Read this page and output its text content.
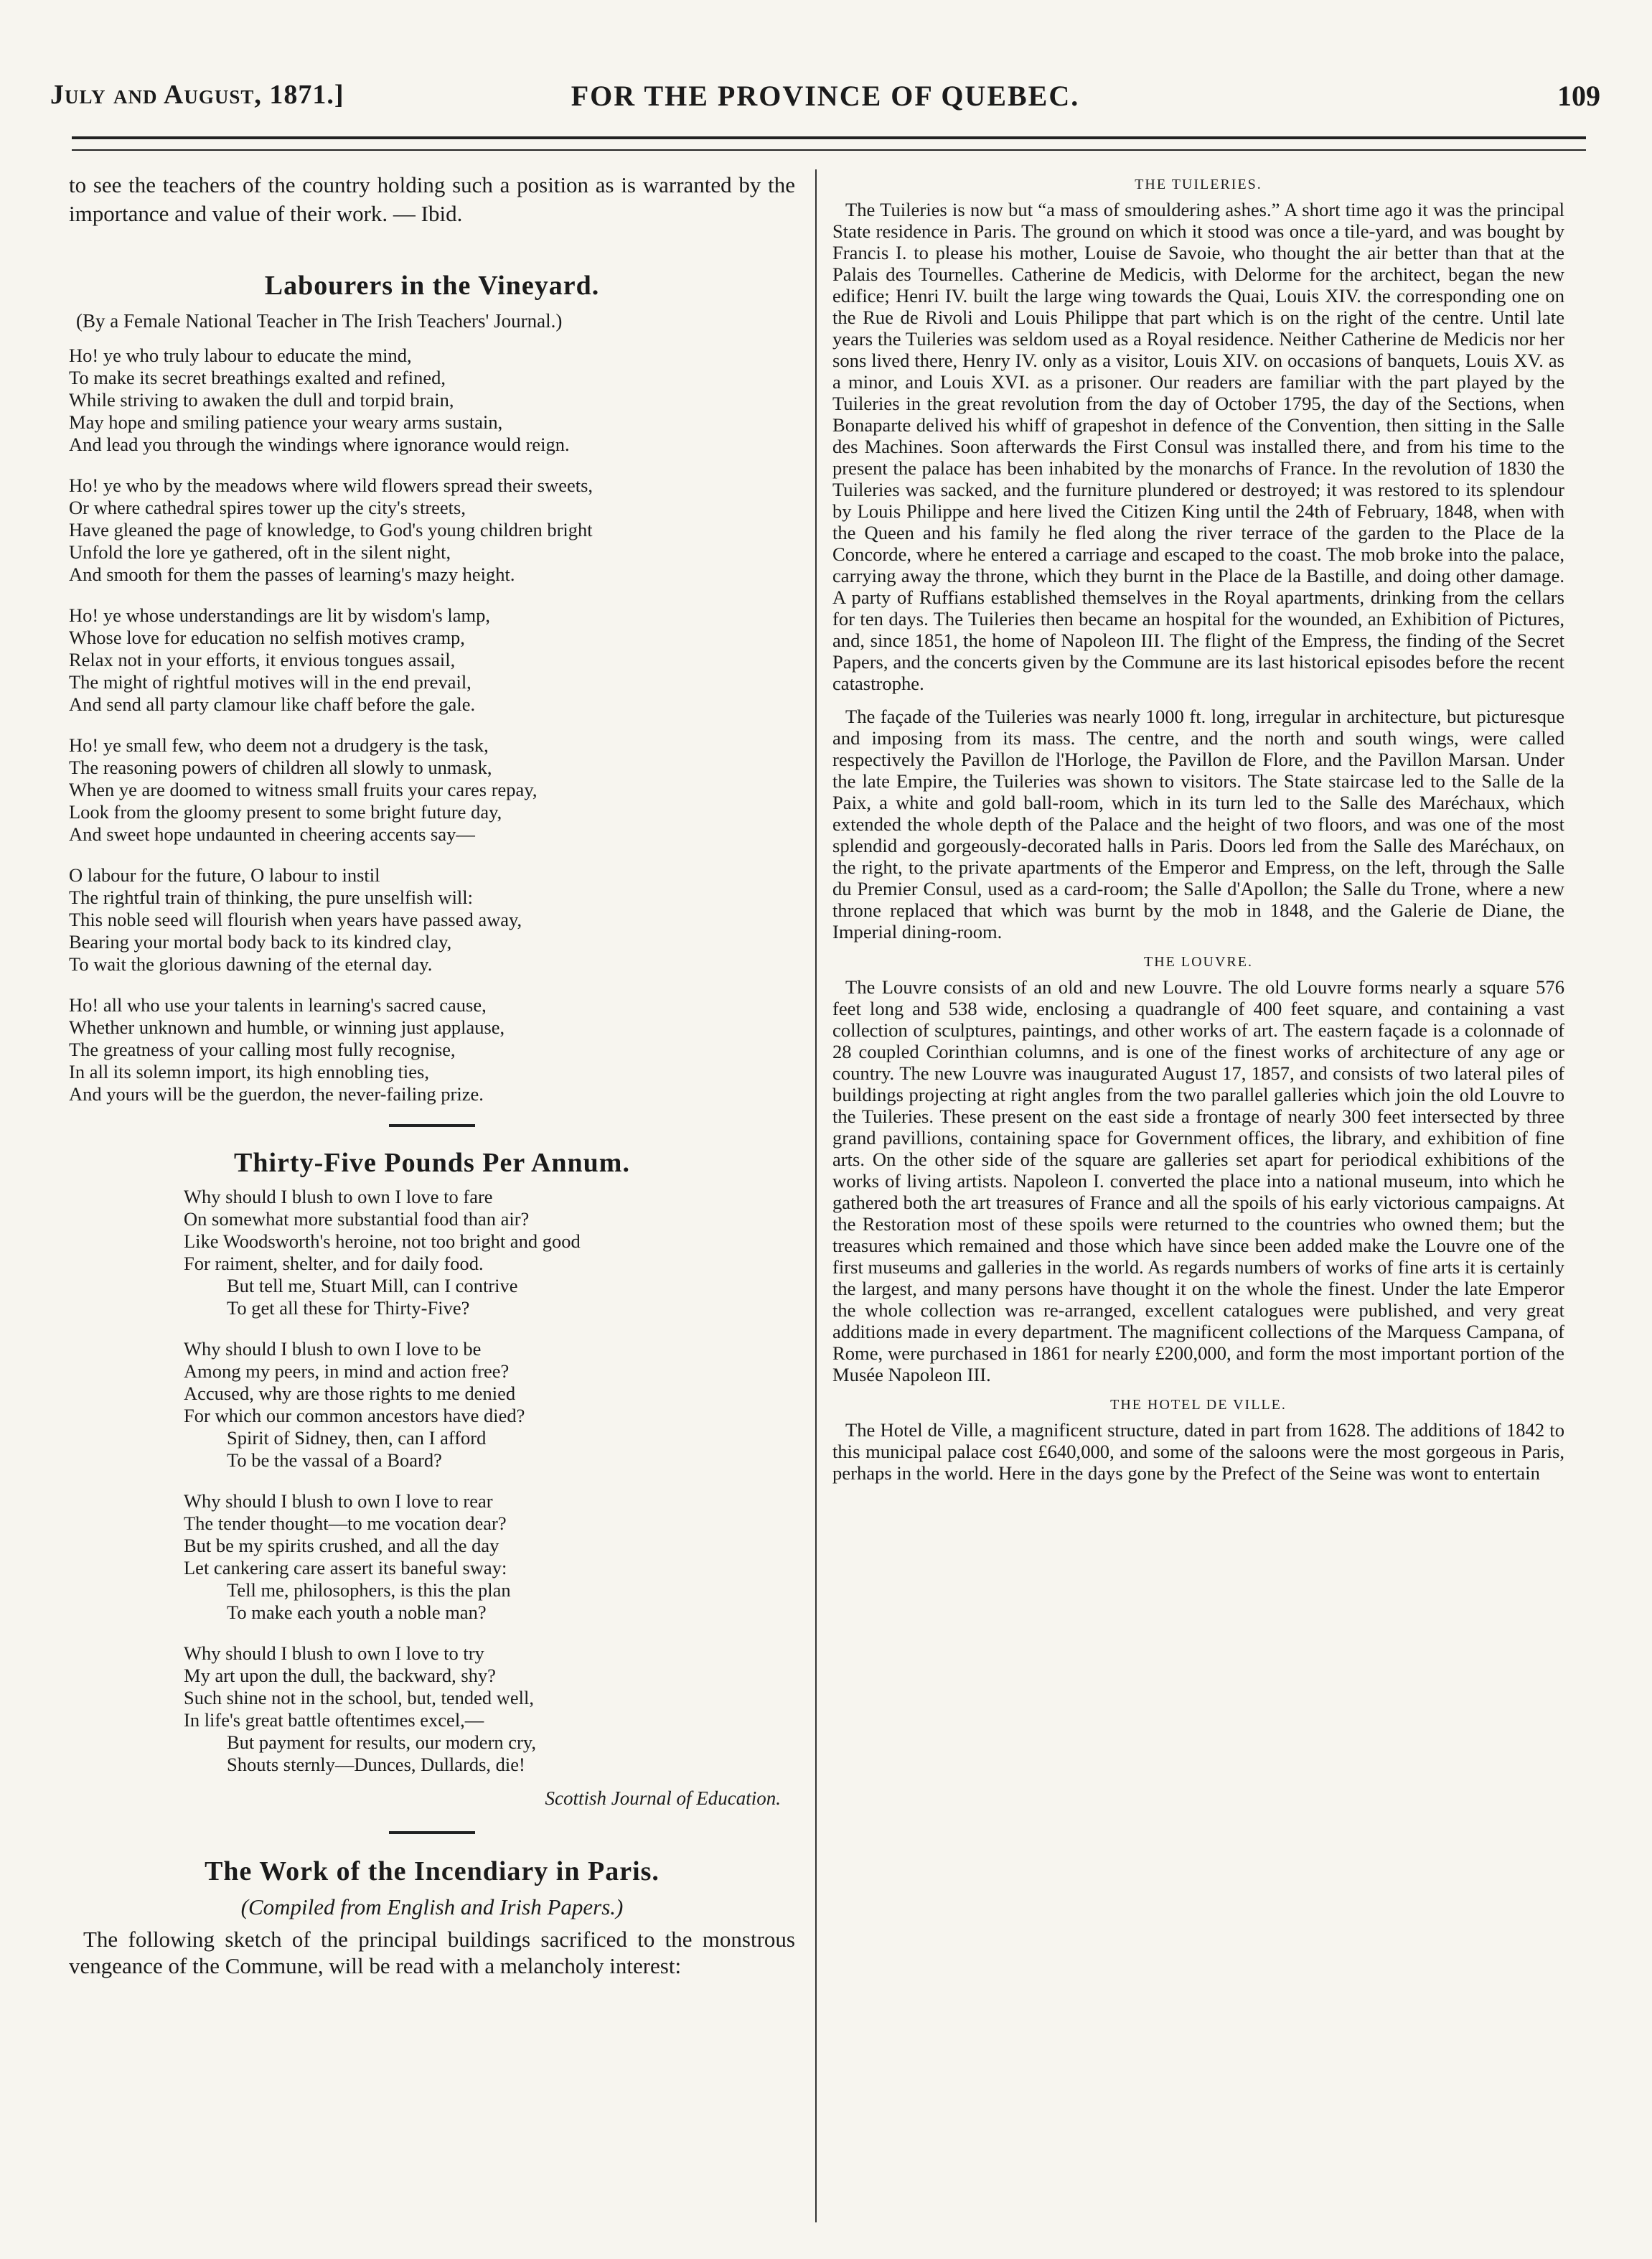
July and August, 1871.]	FOR THE PROVINCE OF QUEBEC.	109

to see the teachers of the country holding such a position as is warranted by the importance and value of their work. — Ibid.

Labourers in the Vineyard.
(By a Female National Teacher in The Irish Teachers' Journal.)
Ho! ye who truly labour to educate the mind,
To make its secret breathings exalted and refined,
While striving to awaken the dull and torpid brain,
May hope and smiling patience your weary arms sustain,
And lead you through the windings where ignorance would reign.
Ho! ye who by the meadows where wild flowers spread their sweets,
Or where cathedral spires tower up the city's streets,
Have gleaned the page of knowledge, to God's young children bright
Unfold the lore ye gathered, oft in the silent night,
And smooth for them the passes of learning's mazy height.
Ho! ye whose understandings are lit by wisdom's lamp,
Whose love for education no selfish motives cramp,
Relax not in your efforts, it envious tongues assail,
The might of rightful motives will in the end prevail,
And send all party clamour like chaff before the gale.
Ho! ye small few, who deem not a drudgery is the task,
The reasoning powers of children all slowly to unmask,
When ye are doomed to witness small fruits your cares repay,
Look from the gloomy present to some bright future day,
And sweet hope undaunted in cheering accents say—
O labour for the future, O labour to instil
The rightful train of thinking, the pure unselfish will:
This noble seed will flourish when years have passed away,
Bearing your mortal body back to its kindred clay,
To wait the glorious dawning of the eternal day.
Ho! all who use your talents in learning's sacred cause,
Whether unknown and humble, or winning just applause,
The greatness of your calling most fully recognise,
In all its solemn import, its high ennobling ties,
And yours will be the guerdon, the never-failing prize.
Thirty-Five Pounds Per Annum.
Why should I blush to own I love to fare
On somewhat more substantial food than air?
Like Woodsworth's heroine, not too bright and good
For raiment, shelter, and for daily food.
But tell me, Stuart Mill, can I contrive
To get all these for Thirty-Five?
Why should I blush to own I love to be
Among my peers, in mind and action free?
Accused, why are those rights to me denied
For which our common ancestors have died?
Spirit of Sidney, then, can I afford
To be the vassal of a Board?
Why should I blush to own I love to rear
The tender thought—to me vocation dear?
But be my spirits crushed, and all the day
Let cankering care assert its baneful sway:
Tell me, philosophers, is this the plan
To make each youth a noble man?
Why should I blush to own I love to try
My art upon the dull, the backward, shy?
Such shine not in the school, but, tended well,
In life's great battle oftentimes excel,—
But payment for results, our modern cry,
Shouts sternly—Dunces, Dullards, die!
Scottish Journal of Education.
The Work of the Incendiary in Paris.
(Compiled from English and Irish Papers.)

The following sketch of the principal buildings sacrificed to the monstrous vengeance of the Commune, will be read with a melancholy interest:

THE TUILERIES.

The Tuileries is now but “a mass of smouldering ashes.” A short time ago it was the principal State residence in Paris. The ground on which it stood was once a tile-yard, and was bought by Francis I. to please his mother, Louise de Savoie, who thought the air better than that at the Palais des Tournelles. Catherine de Medicis, with Delorme for the architect, began the new edifice; Henri IV. built the large wing towards the Quai, Louis XIV. the corresponding one on the Rue de Rivoli and Louis Philippe that part which is on the right of the centre. Until late years the Tuileries was seldom used as a Royal residence. Neither Catherine de Medicis nor her sons lived there, Henry IV. only as a visitor, Louis XIV. on occasions of banquets, Louis XV. as a minor, and Louis XVI. as a prisoner. Our readers are familiar with the part played by the Tuileries in the great revolution from the day of October 1795, the day of the Sections, when Bonaparte delived his whiff of grapeshot in defence of the Convention, then sitting in the Salle des Machines. Soon afterwards the First Consul was installed there, and from his time to the present the palace has been inhabited by the monarchs of France. In the revolution of 1830 the Tuileries was sacked, and the furniture plundered or destroyed; it was restored to its splendour by Louis Philippe and here lived the Citizen King until the 24th of February, 1848, when with the Queen and his family he fled along the river terrace of the garden to the Place de la Concorde, where he entered a carriage and escaped to the coast. The mob broke into the palace, carrying away the throne, which they burnt in the Place de la Bastille, and doing other damage. A party of Ruffians established themselves in the Royal apartments, drinking from the cellars for ten days. The Tuileries then became an hospital for the wounded, an Exhibition of Pictures, and, since 1851, the home of Napoleon III. The flight of the Empress, the finding of the Secret Papers, and the concerts given by the Commune are its last historical episodes before the recent catastrophe.

The façade of the Tuileries was nearly 1000 ft. long, irregular in architecture, but picturesque and imposing from its mass. The centre, and the north and south wings, were called respectively the Pavillon de l'Horloge, the Pavillon de Flore, and the Pavillon Marsan. Under the late Empire, the Tuileries was shown to visitors. The State staircase led to the Salle de la Paix, a white and gold ball-room, which in its turn led to the Salle des Maréchaux, which extended the whole depth of the Palace and the height of two floors, and was one of the most splendid and gorgeously-decorated halls in Paris. Doors led from the Salle des Maréchaux, on the right, to the private apartments of the Emperor and Empress, on the left, through the Salle du Premier Consul, used as a card-room; the Salle d'Apollon; the Salle du Trone, where a new throne replaced that which was burnt by the mob in 1848, and the Galerie de Diane, the Imperial dining-room.

THE LOUVRE.

The Louvre consists of an old and new Louvre. The old Louvre forms nearly a square 576 feet long and 538 wide, enclosing a quadrangle of 400 feet square, and containing a vast collection of sculptures, paintings, and other works of art. The eastern façade is a colonnade of 28 coupled Corinthian columns, and is one of the finest works of architecture of any age or country. The new Louvre was inaugurated August 17, 1857, and consists of two lateral piles of buildings projecting at right angles from the two parallel galleries which join the old Louvre to the Tuileries. These present on the east side a frontage of nearly 300 feet intersected by three grand pavillions, containing space for Government offices, the library, and exhibition of fine arts. On the other side of the square are galleries set apart for periodical exhibitions of the works of living artists. Napoleon I. converted the place into a national museum, into which he gathered both the art treasures of France and all the spoils of his early victorious campaigns. At the Restoration most of these spoils were returned to the countries who owned them; but the treasures which remained and those which have since been added make the Louvre one of the first museums and galleries in the world. As regards numbers of works of fine arts it is certainly the largest, and many persons have thought it on the whole the finest. Under the late Emperor the whole collection was re-arranged, excellent catalogues were published, and very great additions made in every department. The magnificent collections of the Marquess Campana, of Rome, were purchased in 1861 for nearly £200,000, and form the most important portion of the Musée Napoleon III.

THE HOTEL DE VILLE.

The Hotel de Ville, a magnificent structure, dated in part from 1628. The additions of 1842 to this municipal palace cost £640,000, and some of the saloons were the most gorgeous in Paris, perhaps in the world. Here in the days gone by the Prefect of the Seine was wont to entertain
